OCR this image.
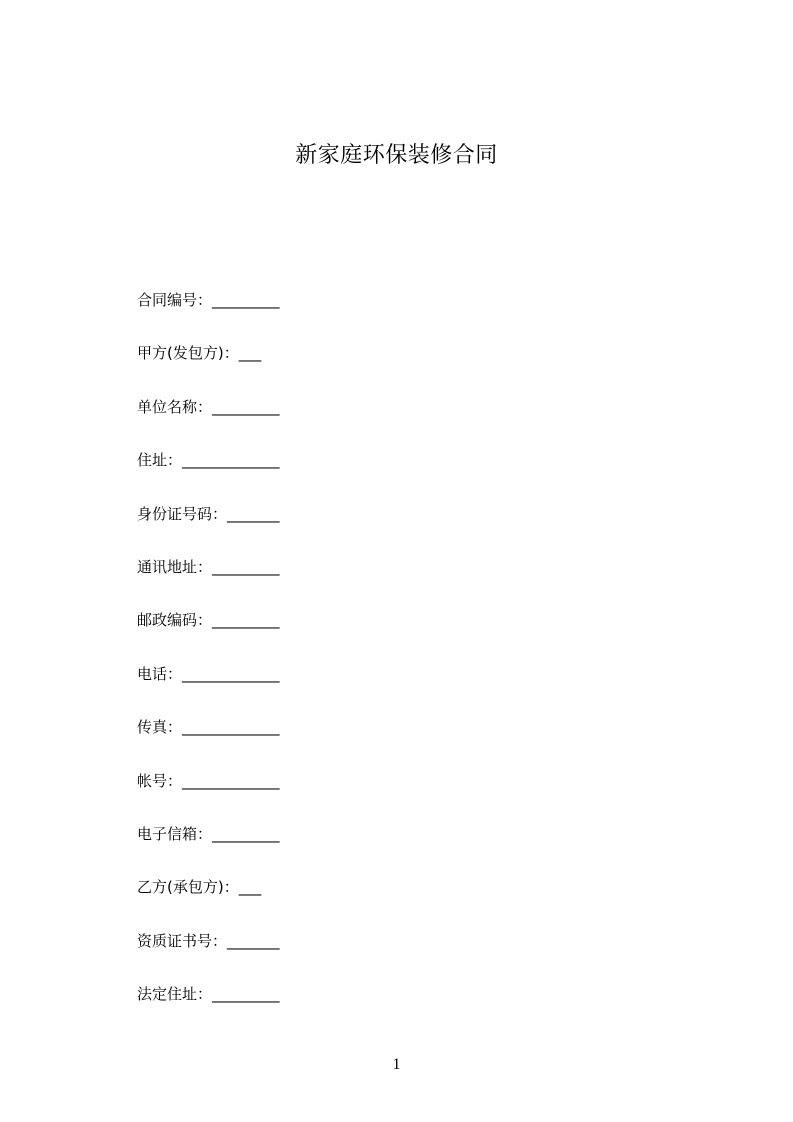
新家庭环保装修合同
合同编号：_________
甲方(发包方)：___
单位名称：_________
住址：_____________
身份证号码：_______
通讯地址：_________
邮政编码：_________
电话：_____________
传真：_____________
帐号：_____________
电子信箱：_________
乙方(承包方)：___
资质证书号：_______
法定住址：_________
1
